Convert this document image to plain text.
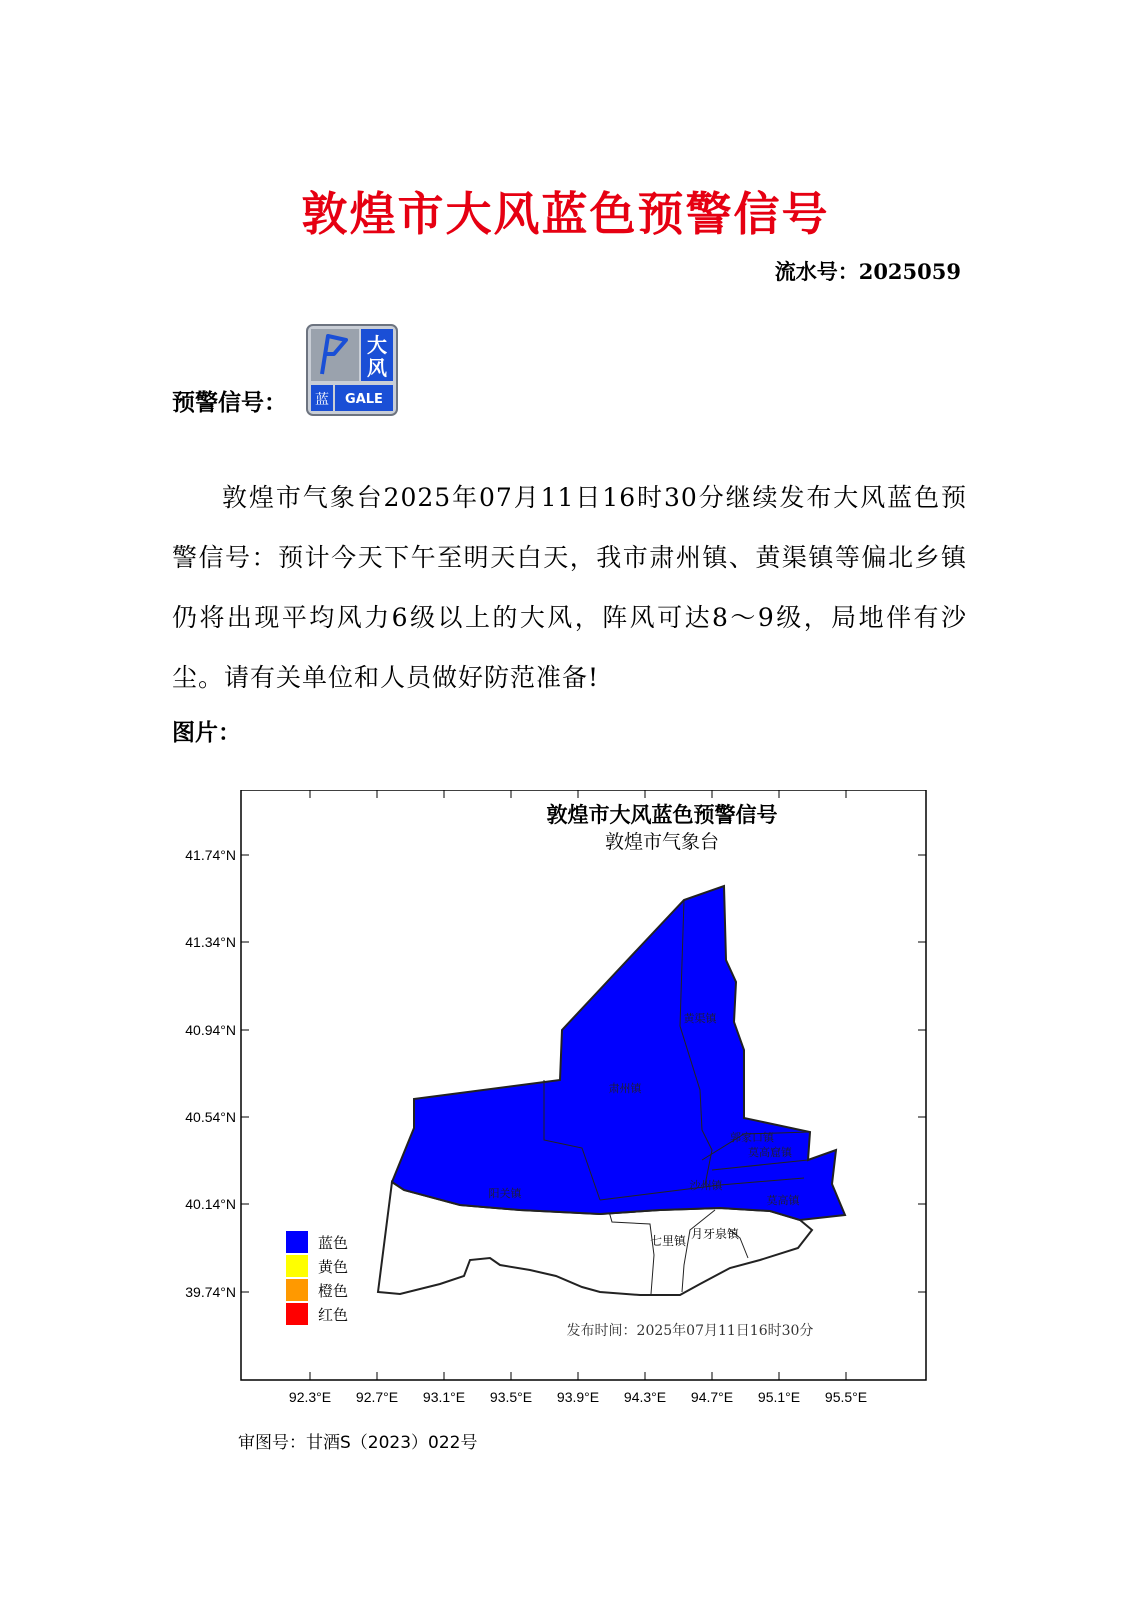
敦煌市大风蓝色预警信号
流水号：2025059
预警信号：
大
风
蓝 GALE
敦煌市气象台2025年07月11日16时30分继续发布大风蓝色预警信号：预计今天下午至明天白天，我市肃州镇、黄渠镇等偏北乡镇仍将出现平均风力6级以上的大风，阵风可达8～9级，局地伴有沙尘。请有关单位和人员做好防范准备!
图片：
敦煌市大风蓝色预警信号
敦煌市气象台
41.74°N
41.34°N
40.94°N
40.54°N
40.14°N
39.74°N
92.3°E 92.7°E 93.1°E 93.5°E 93.9°E 94.3°E 94.7°E 95.1°E 95.5°E
黄渠镇
肃州镇
郭家口镇
莫高窟镇
沙州镇
阳关镇
莫高镇
七里镇 月牙泉镇
蓝色
黄色
橙色
红色
发布时间：2025年07月11日16时30分
审图号：甘酒S（2023）022号
